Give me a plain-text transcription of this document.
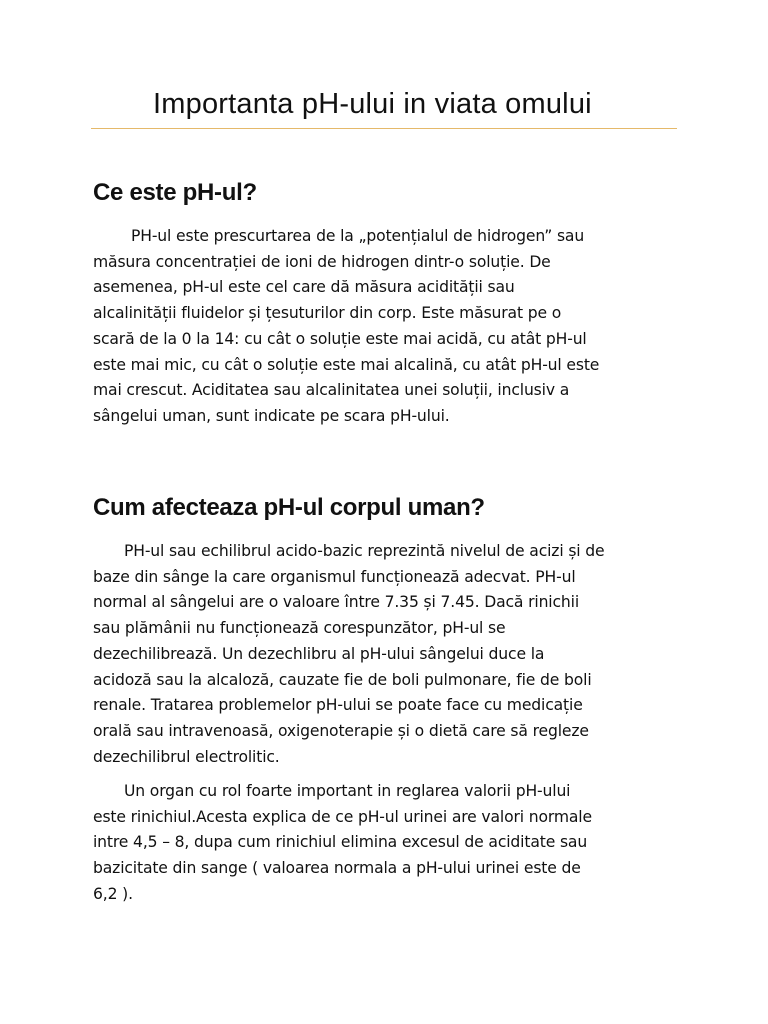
Importanta pH-ului in viata omului
Ce este pH-ul?

PH-ul este prescurtarea de la „potențialul de hidrogen” sau
măsura concentrației de ioni de hidrogen dintr-o soluție. De
asemenea, pH-ul este cel care dă măsura acidității sau
alcalinității fluidelor și țesuturilor din corp. Este măsurat pe o
scară de la 0 la 14: cu cât o soluție este mai acidă, cu atât pH-ul
este mai mic, cu cât o soluție este mai alcalină, cu atât pH-ul este
mai crescut. Aciditatea sau alcalinitatea unei soluții, inclusiv a
sângelui uman, sunt indicate pe scara pH-ului.

Cum afecteaza pH-ul corpul uman?

PH-ul sau echilibrul acido-bazic reprezintă nivelul de acizi și de
baze din sânge la care organismul funcționează adecvat. PH-ul
normal al sângelui are o valoare între 7.35 și 7.45. Dacă rinichii
sau plămânii nu funcționează corespunzător, pH-ul se
dezechilibrează. Un dezechlibru al pH-ului sângelui duce la
acidoză sau la alcaloză, cauzate fie de boli pulmonare, fie de boli
renale. Tratarea problemelor pH-ului se poate face cu medicație
orală sau intravenoasă, oxigenoterapie și o dietă care să regleze
dezechilibrul electrolitic.

Un organ cu rol foarte important in reglarea valorii pH-ului
este rinichiul.Acesta explica de ce pH-ul urinei are valori normale
intre 4,5 – 8, dupa cum rinichiul elimina excesul de aciditate sau
bazicitate din sange ( valoarea normala a pH-ului urinei este de
6,2 ).
